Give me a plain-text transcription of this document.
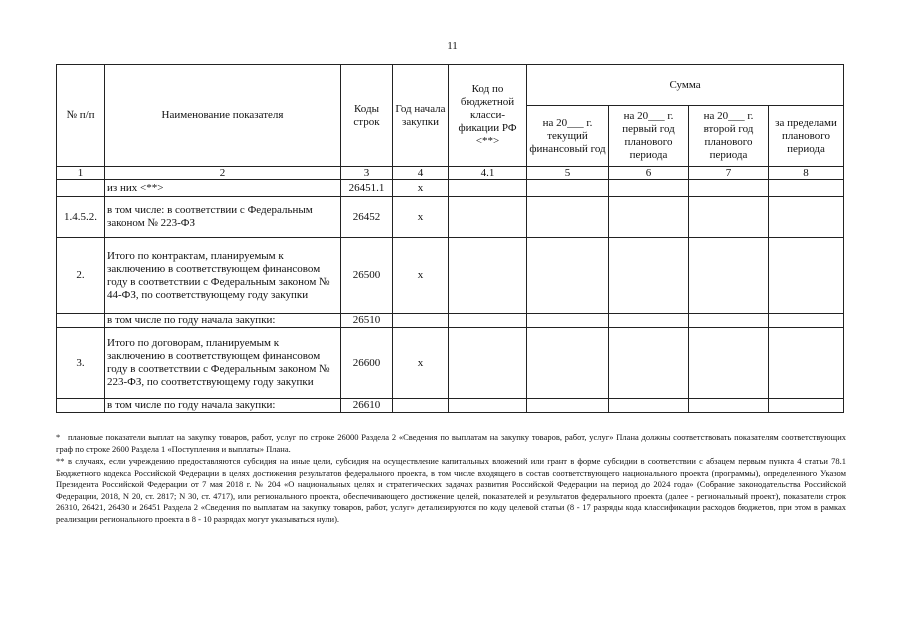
11
№ п/п	Наименование показателя	Коды строк	Год начала закупки	Код по бюджетной класси-фикации РФ <**>	Сумма			
					на 20___ г. текущий финансовый год	на 20___ г. первый год планового периода	на 20___ г. второй год планового периода	за пределами планового периода
1	2	3	4	4.1	5	6	7	8
	из них <**>	26451.1	x					
1.4.5.2.	в том числе: в соответствии с Федеральным законом № 223-ФЗ	26452	x					
2.	Итого по контрактам, планируемым к заключению в соответствующем финансовом году в соответствии с Федеральным законом № 44-ФЗ, по соответствующему году закупки	26500	x					
	в том числе по году начала закупки:	26510						
3.	Итого по договорам, планируемым к заключению в соответствующем финансовом году в соответствии с Федеральным законом № 223-ФЗ, по соответствующему году закупки	26600	x					
	в том числе по году начала закупки:	26610						

* плановые показатели выплат на закупку товаров, работ, услуг по строке 26000 Раздела 2 «Сведения по выплатам на закупку товаров, работ, услуг» Плана должны соответствовать показателям соответствующих граф по строке 2600 Раздела 1 «Поступления и выплаты» Плана.

** в случаях, если учреждению предоставляются субсидия на иные цели, субсидия на осуществление капитальных вложений или грант в форме субсидии в соответствии с абзацем первым пункта 4 статьи 78.1 Бюджетного кодекса Российской Федерации в целях достижения результатов федерального проекта, в том числе входящего в состав соответствующего национального проекта (программы), определенного Указом Президента Российской Федерации от 7 мая 2018 г. № 204 «О национальных целях и стратегических задачах развития Российской Федерации на период до 2024 года» (Собрание законодательства Российской Федерации, 2018, N 20, ст. 2817; N 30, ст. 4717), или регионального проекта, обеспечивающего достижение целей, показателей и результатов федерального проекта (далее - региональный проект), показатели строк 26310, 26421, 26430 и 26451 Раздела 2 «Сведения по выплатам на закупку товаров, работ, услуг» детализируются по коду целевой статьи (8 - 17 разряды кода классификации расходов бюджетов, при этом в рамках реализации регионального проекта в 8 - 10 разрядах могут указываться нули).
